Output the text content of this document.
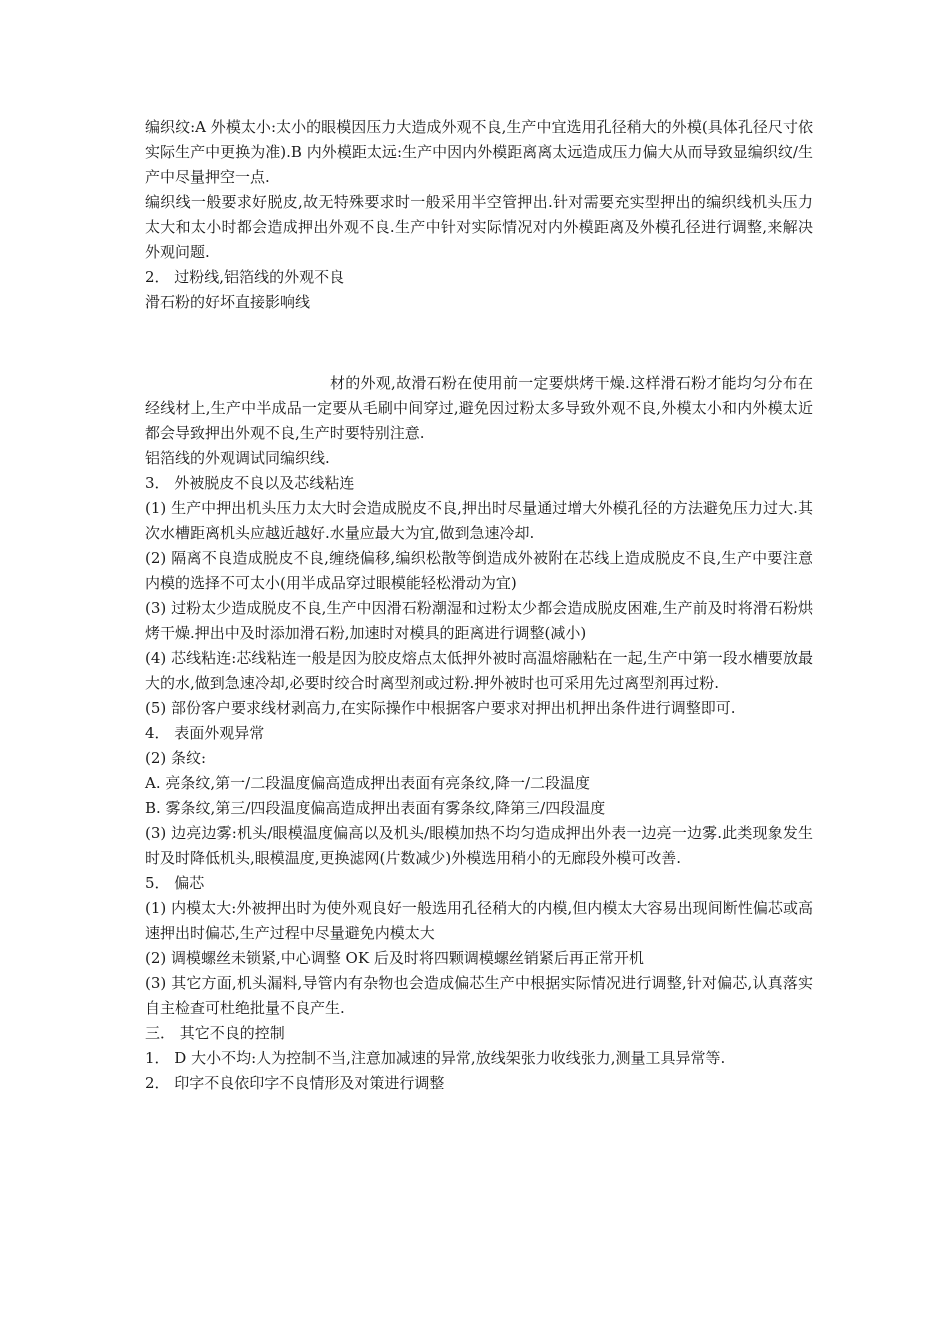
编织纹:A 外模太小:太小的眼模因压力大造成外观不良,生产中宜选用孔径稍大的外模(具体孔径尺寸依实际生产中更换为准).B 内外模距太远:生产中因内外模距离离太远造成压力偏大从而导致显编织纹/生产中尽量押空一点.

编织线一般要求好脱皮,故无特殊要求时一般采用半空管押出.针对需要充实型押出的编织线机头压力太大和太小时都会造成押出外观不良.生产中针对实际情况对内外模距离及外模孔径进行调整,来解决外观问题.

2． 过粉线,铝箔线的外观不良

滑石粉的好坏直接影响线

材的外观,故滑石粉在使用前一定要烘烤干燥.这样滑石粉才能均匀分布在经线材上,生产中半成品一定要从毛刷中间穿过,避免因过粉太多导致外观不良,外模太小和内外模太近都会导致押出外观不良,生产时要特别注意.

铝箔线的外观调试同编织线.

3． 外被脱皮不良以及芯线粘连

(1) 生产中押出机头压力太大时会造成脱皮不良,押出时尽量通过增大外模孔径的方法避免压力过大.其次水槽距离机头应越近越好.水量应最大为宜,做到急速冷却.

(2) 隔离不良造成脱皮不良,缠绕偏移,编织松散等倒造成外被附在芯线上造成脱皮不良,生产中要注意内模的选择不可太小(用半成品穿过眼模能轻松滑动为宜)

(3) 过粉太少造成脱皮不良,生产中因滑石粉潮湿和过粉太少都会造成脱皮困难,生产前及时将滑石粉烘烤干燥.押出中及时添加滑石粉,加速时对模具的距离进行调整(减小)

(4) 芯线粘连:芯线粘连一般是因为胶皮熔点太低押外被时高温熔融粘在一起,生产中第一段水槽要放最大的水,做到急速冷却,必要时绞合时离型剂或过粉.押外被时也可采用先过离型剂再过粉.

(5) 部份客户要求线材剥高力,在实际操作中根据客户要求对押出机押出条件进行调整即可.

4． 表面外观异常

(2) 条纹:

A. 亮条纹,第一/二段温度偏高造成押出表面有亮条纹,降一/二段温度

B. 雾条纹,第三/四段温度偏高造成押出表面有雾条纹,降第三/四段温度

(3) 边亮边雾:机头/眼模温度偏高以及机头/眼模加热不均匀造成押出外表一边亮一边雾.此类现象发生时及时降低机头,眼模温度,更换滤网(片数减少)外模选用稍小的无廊段外模可改善.

5． 偏芯

(1) 内模太大:外被押出时为使外观良好一般选用孔径稍大的内模,但内模太大容易出现间断性偏芯或高速押出时偏芯,生产过程中尽量避免内模太大

(2) 调模螺丝未锁紧,中心调整 OK 后及时将四颗调模螺丝销紧后再正常开机

(3) 其它方面,机头漏料,导管内有杂物也会造成偏芯生产中根据实际情况进行调整,针对偏芯,认真落实自主检查可杜绝批量不良产生.

三． 其它不良的控制

1． D 大小不均:人为控制不当,注意加减速的异常,放线架张力收线张力,测量工具异常等.

2． 印字不良依印字不良情形及对策进行调整
